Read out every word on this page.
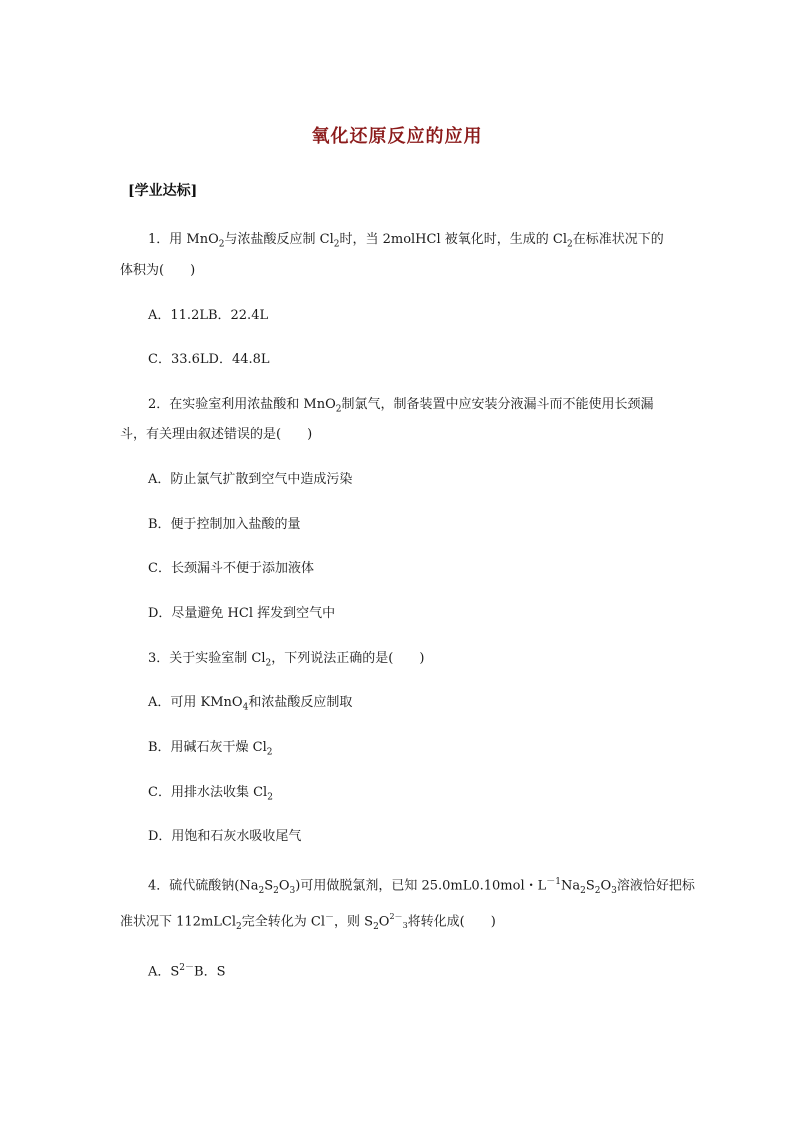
氧化还原反应的应用
[学业达标]
1．用 MnO$_2$与浓盐酸反应制 $Cl_2$时，当 2molHCl 被氧化时，生成的 $Cl_2$在标准状况下的
体积为(　　)
A．11.2LB．22.4L
C．33.6LD．44.8L
2．在实验室利用浓盐酸和 MnO$_2$制氯气，制备装置中应安装分液漏斗而不能使用长颈漏
斗，有关理由叙述错误的是(　　)
A．防止氯气扩散到空气中造成污染
B．便于控制加入盐酸的量
C．长颈漏斗不便于添加液体
D．尽量避免 HCl 挥发到空气中
3．关于实验室制 $Cl_2$，下列说法正确的是(　　)
A．可用 KMnO$_4$和浓盐酸反应制取
B．用碱石灰干燥 $Cl_2$
C．用排水法收集 $Cl_2$
D．用饱和石灰水吸收尾气
4．硫代硫酸钠$(Na_2S_2O_3)$可用做脱氯剂，已知 25.0mL0.10mol・$L^{-1}Na_2S_2O_3$溶液恰好把标
准状况下 112mLCl$_2$完全转化为 Cl－，则 $S_2O^{2-}_3$将转化成(　　)
A．$S^{2-}B$．S
